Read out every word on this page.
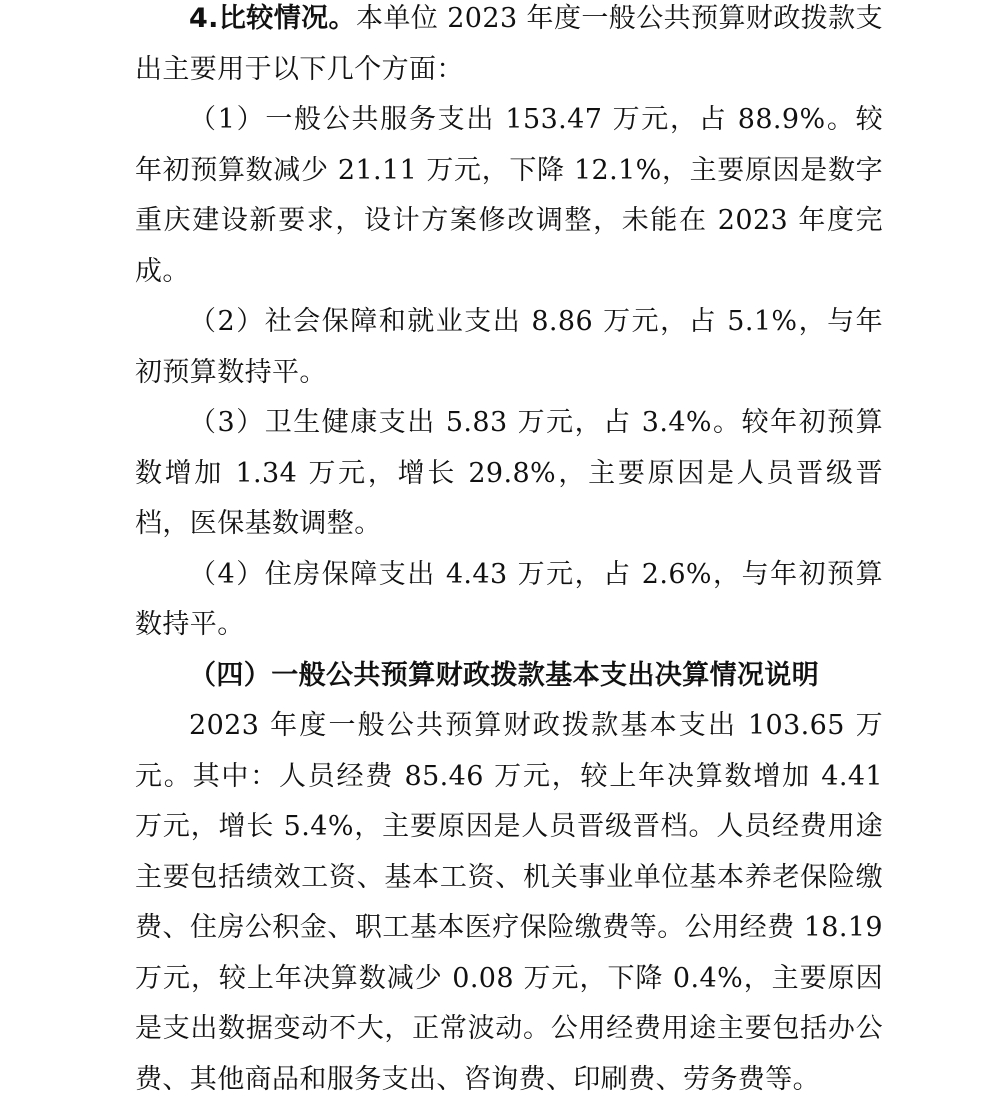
4.比较情况。本单位 2023 年度一般公共预算财政拨款支出主要用于以下几个方面：

（1）一般公共服务支出 153.47 万元，占 88.9%。较年初预算数减少 21.11 万元，下降 12.1%，主要原因是数字重庆建设新要求，设计方案修改调整，未能在 2023 年度完成。

（2）社会保障和就业支出 8.86 万元，占 5.1%，与年初预算数持平。

（3）卫生健康支出 5.83 万元，占 3.4%。较年初预算数增加 1.34 万元，增长 29.8%，主要原因是人员晋级晋档，医保基数调整。

（4）住房保障支出 4.43 万元，占 2.6%，与年初预算数持平。

（四）一般公共预算财政拨款基本支出决算情况说明

2023 年度一般公共预算财政拨款基本支出 103.65 万元。其中：人员经费 85.46 万元，较上年决算数增加 4.41 万元，增长 5.4%，主要原因是人员晋级晋档。人员经费用途主要包括绩效工资、基本工资、机关事业单位基本养老保险缴费、住房公积金、职工基本医疗保险缴费等。公用经费 18.19 万元，较上年决算数减少 0.08 万元，下降 0.4%，主要原因是支出数据变动不大，正常波动。公用经费用途主要包括办公费、其他商品和服务支出、咨询费、印刷费、劳务费等。
